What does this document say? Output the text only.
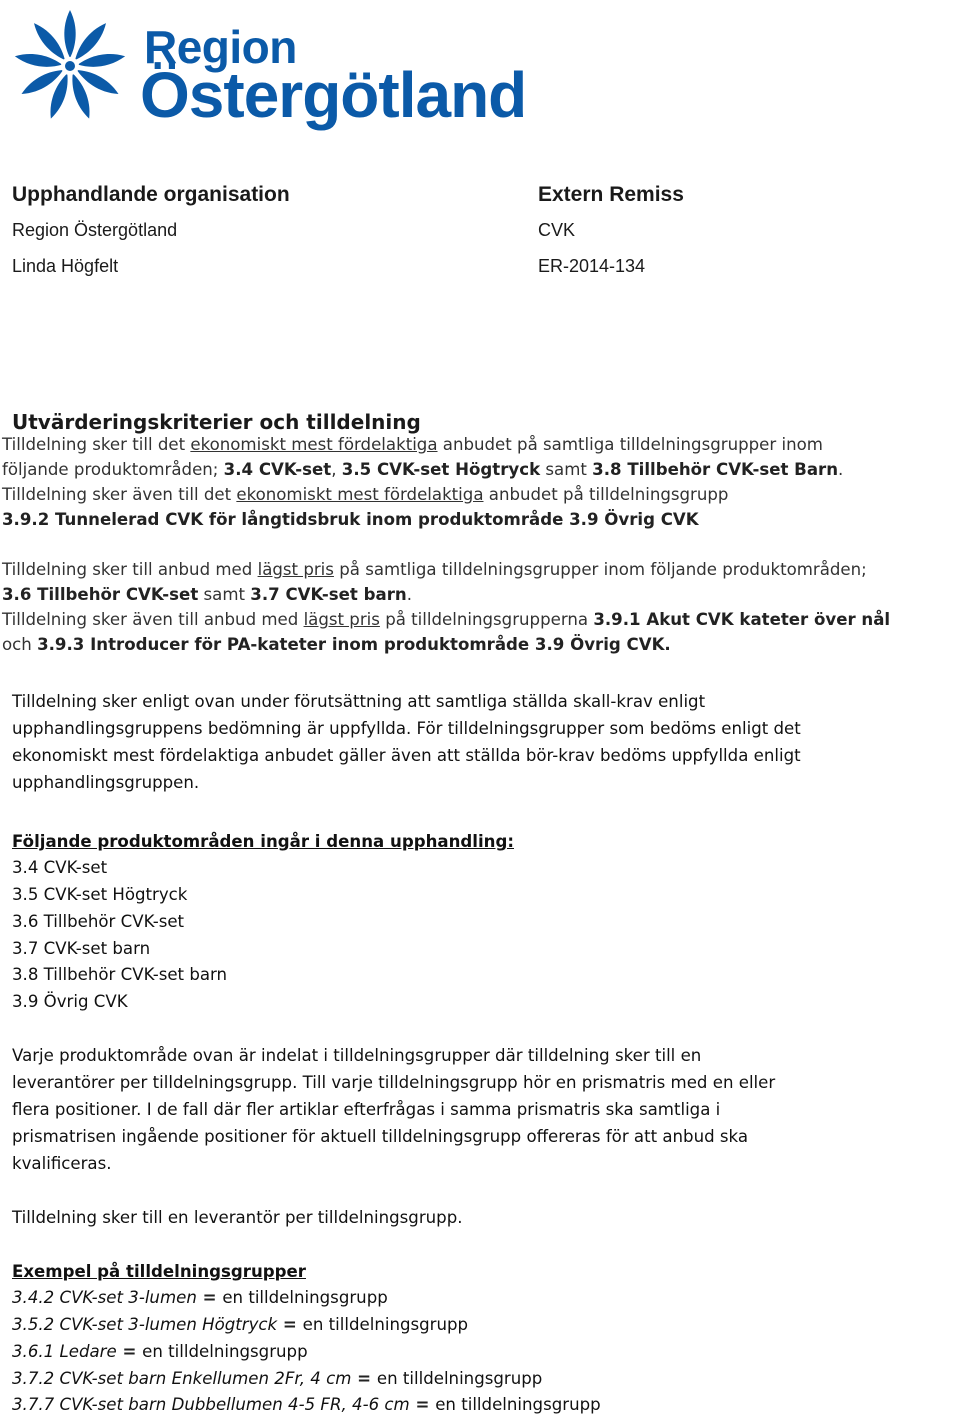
Region
Östergötland
Upphandlande organisation
Region Östergötland
Linda Högfelt
Extern Remiss
CVK
ER-2014-134
Utvärderingskriterier och tilldelning
Tilldelning sker till det ekonomiskt mest fördelaktiga anbudet på samtliga tilldelningsgrupper inom
följande produktområden; 3.4 CVK-set, 3.5 CVK-set Högtryck samt 3.8 Tillbehör CVK-set Barn.
Tilldelning sker även till det ekonomiskt mest fördelaktiga anbudet på tilldelningsgrupp
3.9.2 Tunnelerad CVK för långtidsbruk inom produktområde 3.9 Övrig CVK
Tilldelning sker till anbud med lägst pris på samtliga tilldelningsgrupper inom följande produktområden;
3.6 Tillbehör CVK-set samt 3.7 CVK-set barn.
Tilldelning sker även till anbud med lägst pris på tilldelningsgrupperna 3.9.1 Akut CVK kateter över nål
och 3.9.3 Introducer för PA-kateter inom produktområde 3.9 Övrig CVK.
Tilldelning sker enligt ovan under förutsättning att samtliga ställda skall-krav enligt
upphandlingsgruppens bedömning är uppfyllda. För tilldelningsgrupper som bedöms enligt det
ekonomiskt mest fördelaktiga anbudet gäller även att ställda bör-krav bedöms uppfyllda enligt
upphandlingsgruppen.
Följande produktområden ingår i denna upphandling:
3.4 CVK-set
3.5 CVK-set Högtryck
3.6 Tillbehör CVK-set
3.7 CVK-set barn
3.8 Tillbehör CVK-set barn
3.9 Övrig CVK
Varje produktområde ovan är indelat i tilldelningsgrupper där tilldelning sker till en
leverantörer per tilldelningsgrupp. Till varje tilldelningsgrupp hör en prismatris med en eller
flera positioner. I de fall där fler artiklar efterfrågas i samma prismatris ska samtliga i
prismatrisen ingående positioner för aktuell tilldelningsgrupp offereras för att anbud ska
kvalificeras.
Tilldelning sker till en leverantör per tilldelningsgrupp.
Exempel på tilldelningsgrupper
3.4.2 CVK-set 3-lumen = en tilldelningsgrupp
3.5.2 CVK-set 3-lumen Högtryck = en tilldelningsgrupp
3.6.1 Ledare = en tilldelningsgrupp
3.7.2 CVK-set barn Enkellumen 2Fr, 4 cm = en tilldelningsgrupp
3.7.7 CVK-set barn Dubbellumen 4-5 FR, 4-6 cm = en tilldelningsgrupp
